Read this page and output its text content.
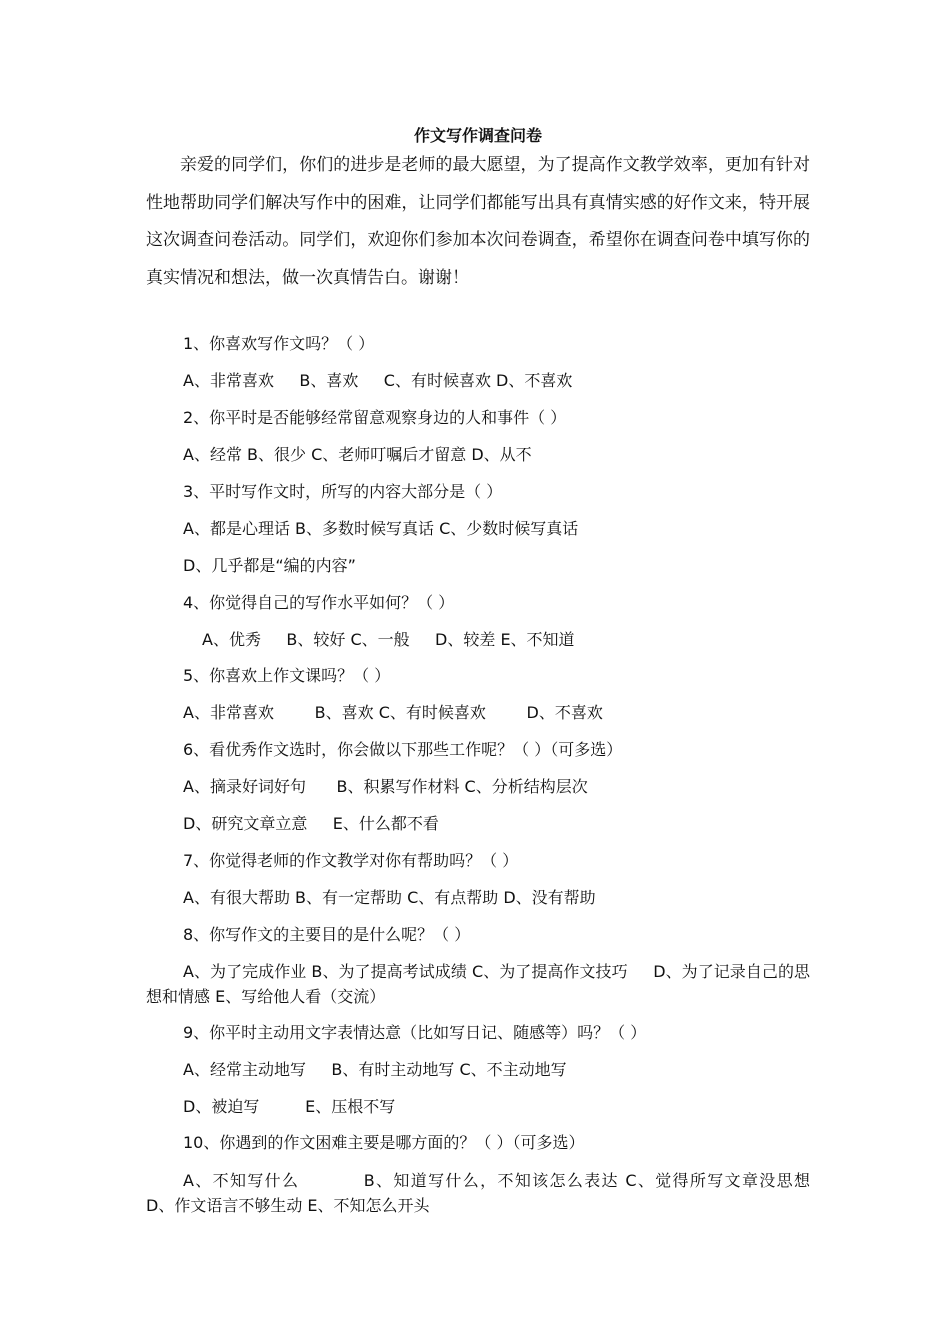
作文写作调查问卷
亲爱的同学们，你们的进步是老师的最大愿望，为了提高作文教学效率，更加有针对性地帮助同学们解决写作中的困难，让同学们都能写出具有真情实感的好作文来，特开展这次调查问卷活动。同学们，欢迎你们参加本次问卷调查，希望你在调查问卷中填写你的真实情况和想法，做一次真情告白。谢谢！
1、你喜欢写作文吗？（ ）
A、非常喜欢     B、喜欢     C、有时候喜欢 D、不喜欢
2、你平时是否能够经常留意观察身边的人和事件（ ）
A、经常 B、很少 C、老师叮嘱后才留意 D、从不
3、平时写作文时，所写的内容大部分是（ ）
A、都是心理话 B、多数时候写真话 C、少数时候写真话
D、几乎都是“编的内容”
4、你觉得自己的写作水平如何？（ ）
A、优秀     B、较好 C、一般     D、较差 E、不知道
5、你喜欢上作文课吗？（ ）
A、非常喜欢        B、喜欢 C、有时候喜欢        D、不喜欢
6、看优秀作文选时，你会做以下那些工作呢？（ ）（可多选）
A、摘录好词好句      B、积累写作材料 C、分析结构层次
D、研究文章立意     E、什么都不看
7、你觉得老师的作文教学对你有帮助吗？（ ）
A、有很大帮助 B、有一定帮助 C、有点帮助 D、没有帮助
8、你写作文的主要目的是什么呢？（ ）
A、为了完成作业 B、为了提高考试成绩 C、为了提高作文技巧     D、为了记录自己的思想和情感 E、写给他人看（交流）
9、你平时主动用文字表情达意（比如写日记、随感等）吗？（ ）
A、经常主动地写     B、有时主动地写 C、不主动地写
D、被迫写         E、压根不写
10、你遇到的作文困难主要是哪方面的？（ ）（可多选）
A、不知写什么          B、知道写什么，不知该怎么表达 C、觉得所写文章没思想       D、作文语言不够生动 E、不知怎么开头
